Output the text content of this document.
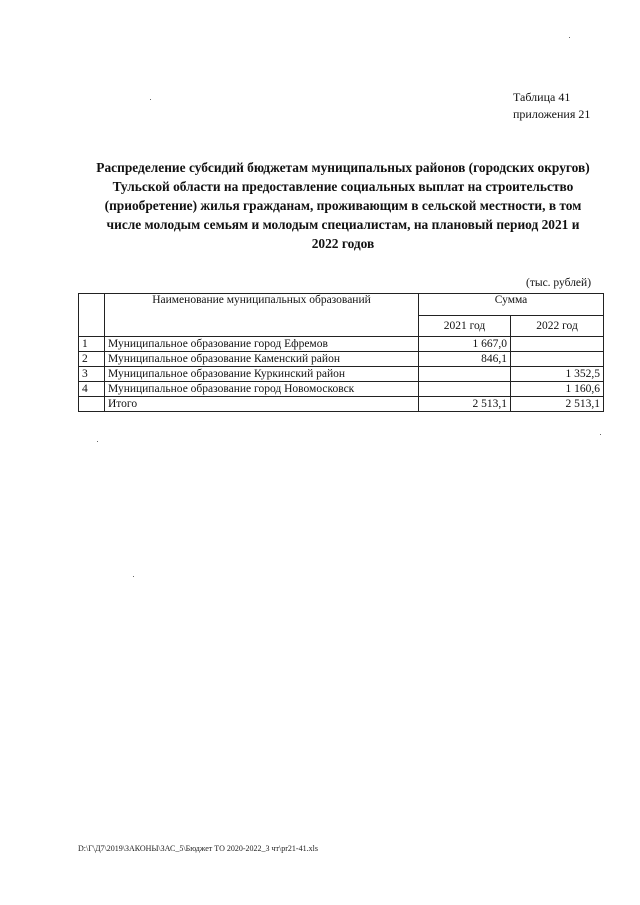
Таблица 41
приложения 21
Распределение субсидий бюджетам муниципальных районов (городских округов)
Тульской области на предоставление социальных выплат на строительство
(приобретение) жилья гражданам, проживающим в сельской местности, в том
числе молодым семьям и молодым специалистам, на плановый период 2021 и
2022 годов
(тыс. рублей)
	Наименование муниципальных образований	Сумма	
		2021 год	2022 год
1	Муниципальное образование город Ефремов	1 667,0	
2	Муниципальное образование Каменский район	846,1	
3	Муниципальное образование Куркинский район		1 352,5
4	Муниципальное образование город Новомосковск		1 160,6
	Итого	2 513,1	2 513,1
D:\Г\Д7\2019\ЗАКОНЫ\ЗАС_5\Бюджет ТО 2020-2022_3 чт\pr21-41.xls
